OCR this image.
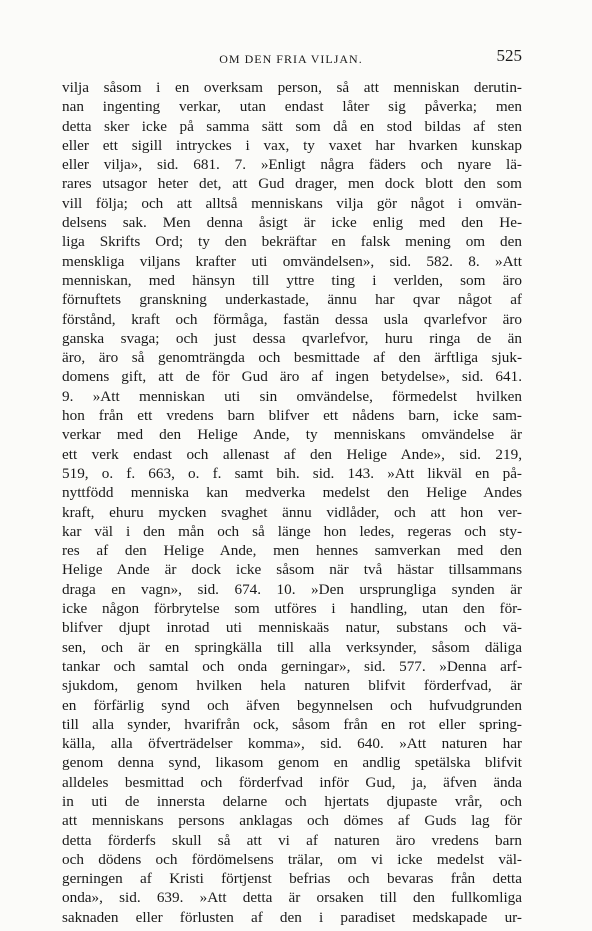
OM DEN FRIA VILJAN.	525
vilja såsom i en overksam person, så att menniskan derutin-
nan ingenting verkar, utan endast låter sig påverka; men
detta sker icke på samma sätt som då en stod bildas af sten
eller ett sigill intryckes i vax, ty vaxet har hvarken kunskap
eller vilja», sid. 681. 7. »Enligt några fäders och nyare lä-
rares utsagor heter det, att Gud drager, men dock blott den som
vill följa; och att alltså menniskans vilja gör något i omvän-
delsens sak. Men denna åsigt är icke enlig med den He-
liga Skrifts Ord; ty den bekräftar en falsk mening om den
menskliga viljans krafter uti omvändelsen», sid. 582. 8. »Att
menniskan, med hänsyn till yttre ting i verlden, som äro
förnuftets granskning underkastade, ännu har qvar något af
förstånd, kraft och förmåga, fastän dessa usla qvarlefvor äro
ganska svaga; och just dessa qvarlefvor, huru ringa de än
äro, äro så genomträngda och besmittade af den ärftliga sjuk-
domens gift, att de för Gud äro af ingen betydelse», sid. 641.
9. »Att menniskan uti sin omvändelse, förmedelst hvilken
hon från ett vredens barn blifver ett nådens barn, icke sam-
verkar med den Helige Ande, ty menniskans omvändelse är
ett verk endast och allenast af den Helige Ande», sid. 219,
519, o. f. 663, o. f. samt bih. sid. 143. »Att likväl en på-
nyttfödd menniska kan medverka medelst den Helige Andes
kraft, ehuru mycken svaghet ännu vidlåder, och att hon ver-
kar väl i den mån och så länge hon ledes, regeras och sty-
res af den Helige Ande, men hennes samverkan med den
Helige Ande är dock icke såsom när två hästar tillsammans
draga en vagn», sid. 674. 10. »Den ursprungliga synden är
icke någon förbrytelse som utföres i handling, utan den för-
blifver djupt inrotad uti menniskaäs natur, substans och vä-
sen, och är en springkälla till alla verksynder, såsom däliga
tankar och samtal och onda gerningar», sid. 577. »Denna arf-
sjukdom, genom hvilken hela naturen blifvit förderfvad, är
en förfärlig synd och äfven begynnelsen och hufvudgrunden
till alla synder, hvarifrån ock, såsom från en rot eller spring-
källa, alla öfverträdelser komma», sid. 640. »Att naturen har
genom denna synd, likasom genom en andlig spetälska blifvit
alldeles besmittad och förderfvad inför Gud, ja, äfven ända
in uti de innersta delarne och hjertats djupaste vrår, och
att menniskans persons anklagas och dömes af Guds lag för
detta förderfs skull så att vi af naturen äro vredens barn
och dödens och fördömelsens trälar, om vi icke medelst väl-
gerningen af Kristi förtjenst befrias och bevaras från detta
onda», sid. 639. »Att detta är orsaken till den fullkomliga
saknaden eller förlusten af den i paradiset medskapade ur-
